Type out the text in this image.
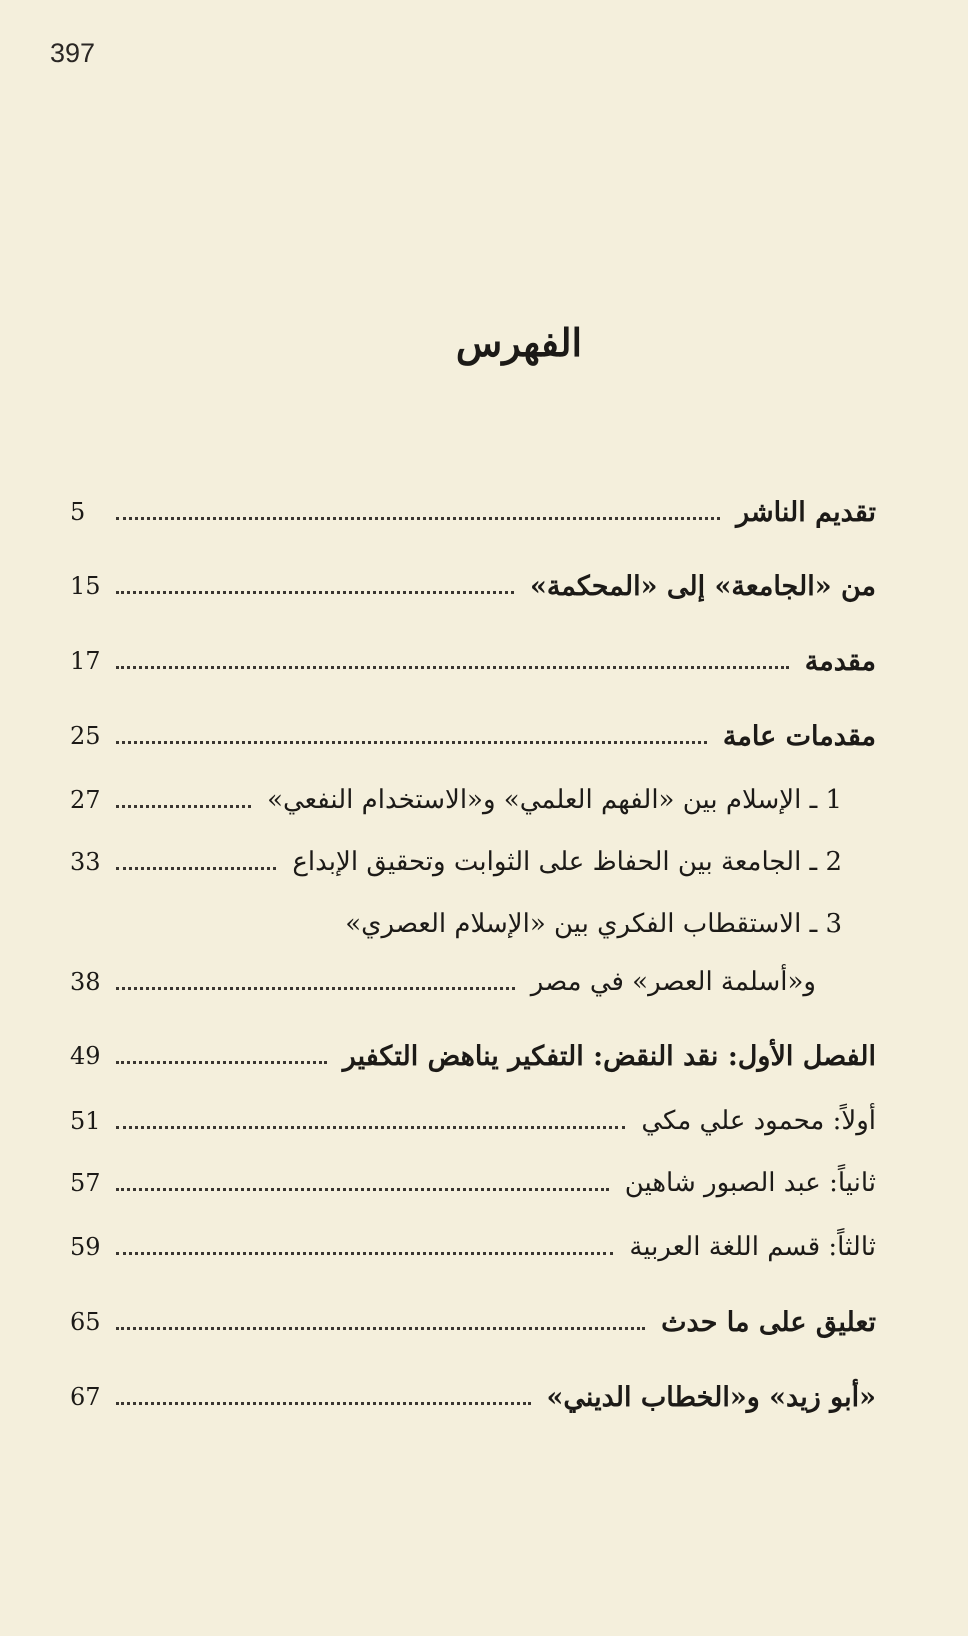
397
الفهرس
تقديم الناشر
5
من «الجامعة» إلى «المحكمة»
15
مقدمة
17
مقدمات عامة
25
1 ـ الإسلام بين «الفهم العلمي» و«الاستخدام النفعي»
27
2 ـ الجامعة بين الحفاظ على الثوابت وتحقيق الإبداع
33
3 ـ الاستقطاب الفكري بين «الإسلام العصري»
و«أسلمة العصر» في مصر
38
الفصل الأول: نقد النقض: التفكير يناهض التكفير
49
أولاً: محمود علي مكي
51
ثانياً: عبد الصبور شاهين
57
ثالثاً: قسم اللغة العربية
59
تعليق على ما حدث
65
«أبو زيد» و«الخطاب الديني»
67
